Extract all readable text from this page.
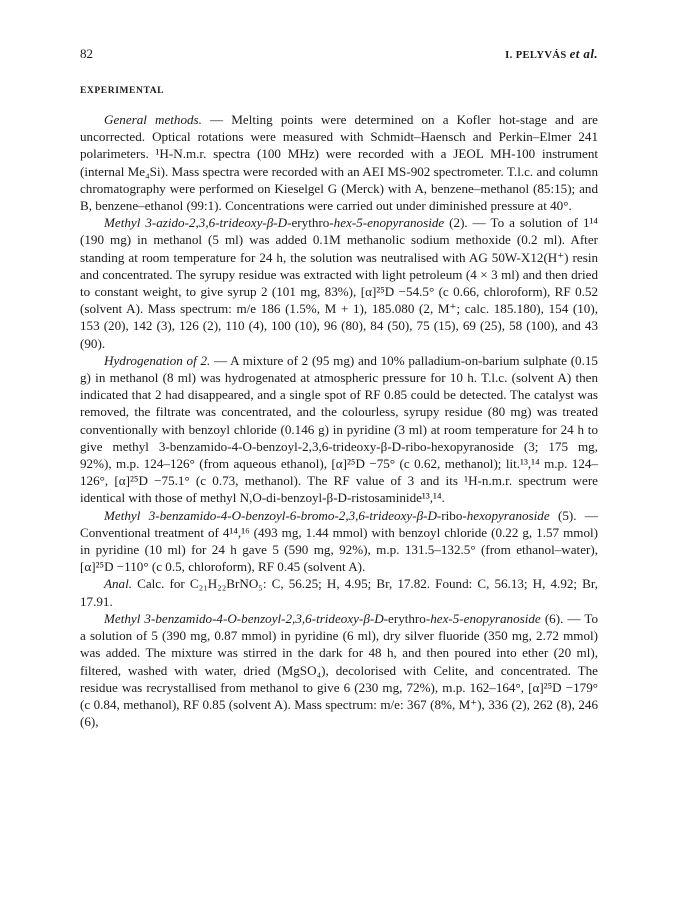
82	I. PELYVÁS et al.
EXPERIMENTAL

General methods. — Melting points were determined on a Kofler hot-stage and are uncorrected. Optical rotations were measured with Schmidt–Haensch and Perkin–Elmer 241 polarimeters. ¹H-N.m.r. spectra (100 MHz) were recorded with a JEOL MH-100 instrument (internal Me₄Si). Mass spectra were recorded with an AEI MS-902 spectrometer. T.l.c. and column chromatography were performed on Kieselgel G (Merck) with A, benzene–methanol (85:15); and B, benzene–ethanol (99:1). Concentrations were carried out under diminished pressure at 40°.

Methyl 3-azido-2,3,6-trideoxy-β-D-erythro-hex-5-enopyranoside (2). — To a solution of 1¹⁴ (190 mg) in methanol (5 ml) was added 0.1M methanolic sodium methoxide (0.2 ml). After standing at room temperature for 24 h, the solution was neutralised with AG 50W-X12(H⁺) resin and concentrated. The syrupy residue was extracted with light petroleum (4 × 3 ml) and then dried to constant weight, to give syrup 2 (101 mg, 83%), [α]²⁵D −54.5° (c 0.66, chloroform), RF 0.52 (solvent A). Mass spectrum: m/e 186 (1.5%, M + 1), 185.080 (2, M⁺; calc. 185.180), 154 (10), 153 (20), 142 (3), 126 (2), 110 (4), 100 (10), 96 (80), 84 (50), 75 (15), 69 (25), 58 (100), and 43 (90).

Hydrogenation of 2. — A mixture of 2 (95 mg) and 10% palladium-on-barium sulphate (0.15 g) in methanol (8 ml) was hydrogenated at atmospheric pressure for 10 h. T.l.c. (solvent A) then indicated that 2 had disappeared, and a single spot of RF 0.85 could be detected. The catalyst was removed, the filtrate was concentrated, and the colourless, syrupy residue (80 mg) was treated conventionally with benzoyl chloride (0.146 g) in pyridine (3 ml) at room temperature for 24 h to give methyl 3-benzamido-4-O-benzoyl-2,3,6-trideoxy-β-D-ribo-hexopyranoside (3; 175 mg, 92%), m.p. 124–126° (from aqueous ethanol), [α]²⁵D −75° (c 0.62, methanol); lit.¹³,¹⁴ m.p. 124–126°, [α]²⁵D −75.1° (c 0.73, methanol). The RF value of 3 and its ¹H-n.m.r. spectrum were identical with those of methyl N,O-di-benzoyl-β-D-ristosaminide¹³,¹⁴.

Methyl 3-benzamido-4-O-benzoyl-6-bromo-2,3,6-trideoxy-β-D-ribo-hexopyranoside (5). — Conventional treatment of 4¹⁴,¹⁶ (493 mg, 1.44 mmol) with benzoyl chloride (0.22 g, 1.57 mmol) in pyridine (10 ml) for 24 h gave 5 (590 mg, 92%), m.p. 131.5–132.5° (from ethanol–water), [α]²⁵D −110° (c 0.5, chloroform), RF 0.45 (solvent A).

Anal. Calc. for C₂₁H₂₂BrNO₅: C, 56.25; H, 4.95; Br, 17.82. Found: C, 56.13; H, 4.92; Br, 17.91.

Methyl 3-benzamido-4-O-benzoyl-2,3,6-trideoxy-β-D-erythro-hex-5-enopyranoside (6). — To a solution of 5 (390 mg, 0.87 mmol) in pyridine (6 ml), dry silver fluoride (350 mg, 2.72 mmol) was added. The mixture was stirred in the dark for 48 h, and then poured into ether (20 ml), filtered, washed with water, dried (MgSO₄), decolorised with Celite, and concentrated. The residue was recrystallised from methanol to give 6 (230 mg, 72%), m.p. 162–164°, [α]²⁵D −179° (c 0.84, methanol), RF 0.85 (solvent A). Mass spectrum: m/e: 367 (8%, M⁺), 336 (2), 262 (8), 246 (6),
